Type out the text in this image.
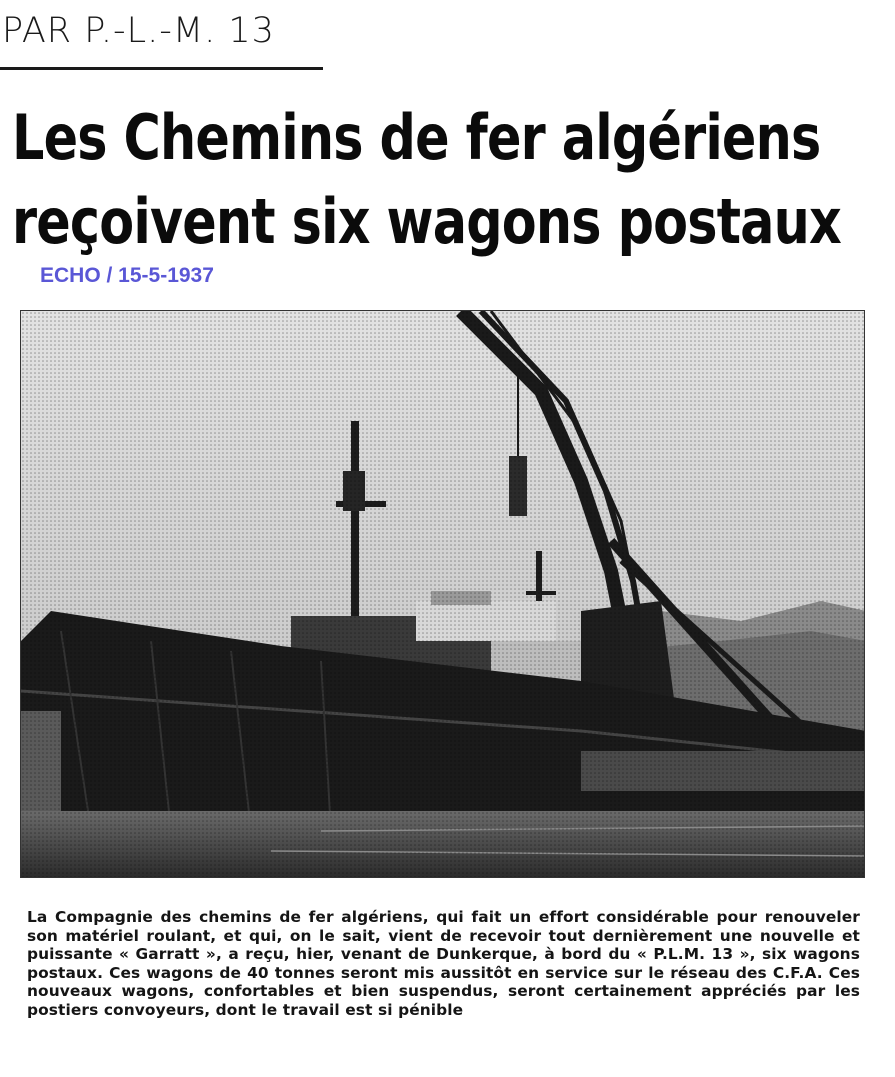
PAR P.-L.-M. 13
Les Chemins de fer algériens
reçoivent six wagons postaux
ECHO / 15-5-1937

La Compagnie des chemins de fer algériens, qui fait un effort considérable pour renouveler son matériel roulant, et qui, on le sait, vient de recevoir tout dernièrement une nouvelle et puissante « Garratt », a reçu, hier, venant de Dunkerque, à bord du « P.L.M. 13 », six wagons postaux. Ces wagons de 40 tonnes seront mis aussitôt en service sur le réseau des C.F.A. Ces nouveaux wagons, confortables et bien suspendus, seront certainement appréciés par les postiers convoyeurs, dont le travail est si pénible
